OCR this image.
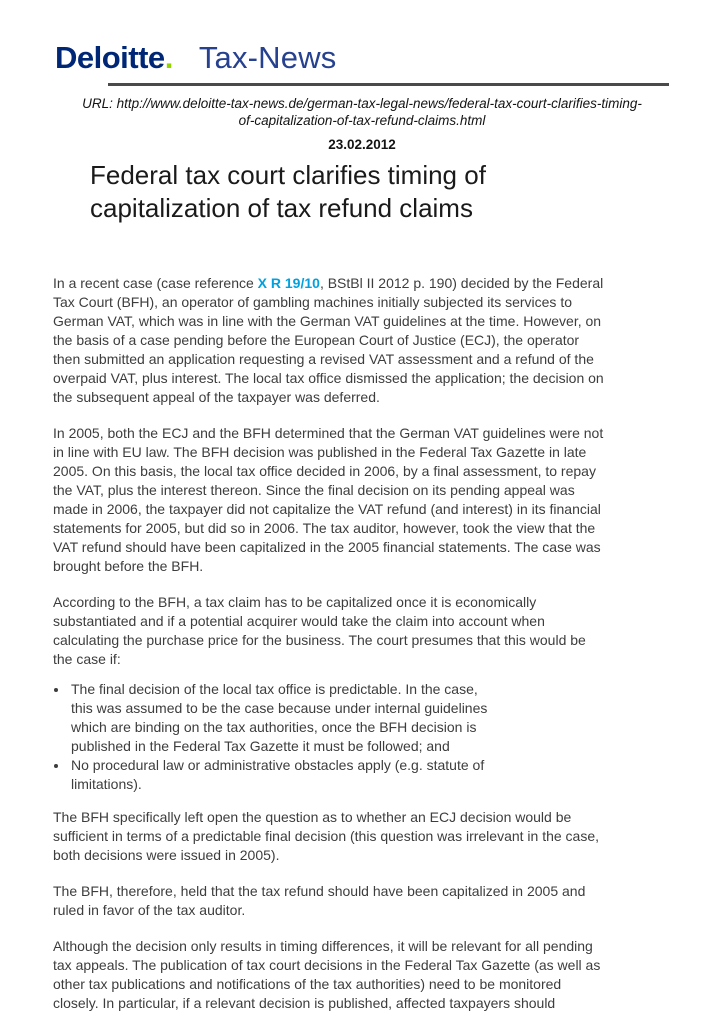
Deloitte. Tax-News
URL: http://www.deloitte-tax-news.de/german-tax-legal-news/federal-tax-court-clarifies-timing-of-capitalization-of-tax-refund-claims.html
23.02.2012
Federal tax court clarifies timing of capitalization of tax refund claims

In a recent case (case reference X R 19/10, BStBl II 2012 p. 190) decided by the Federal Tax Court (BFH), an operator of gambling machines initially subjected its services to German VAT, which was in line with the German VAT guidelines at the time. However, on the basis of a case pending before the European Court of Justice (ECJ), the operator then submitted an application requesting a revised VAT assessment and a refund of the overpaid VAT, plus interest. The local tax office dismissed the application; the decision on the subsequent appeal of the taxpayer was deferred.

In 2005, both the ECJ and the BFH determined that the German VAT guidelines were not in line with EU law. The BFH decision was published in the Federal Tax Gazette in late 2005. On this basis, the local tax office decided in 2006, by a final assessment, to repay the VAT, plus the interest thereon. Since the final decision on its pending appeal was made in 2006, the taxpayer did not capitalize the VAT refund (and interest) in its financial statements for 2005, but did so in 2006. The tax auditor, however, took the view that the VAT refund should have been capitalized in the 2005 financial statements. The case was brought before the BFH.

According to the BFH, a tax claim has to be capitalized once it is economically substantiated and if a potential acquirer would take the claim into account when calculating the purchase price for the business. The court presumes that this would be the case if:

• The final decision of the local tax office is predictable. In the case, this was assumed to be the case because under internal guidelines which are binding on the tax authorities, once the BFH decision is published in the Federal Tax Gazette it must be followed; and
• No procedural law or administrative obstacles apply (e.g. statute of limitations).

The BFH specifically left open the question as to whether an ECJ decision would be sufficient in terms of a predictable final decision (this question was irrelevant in the case, both decisions were issued in 2005).

The BFH, therefore, held that the tax refund should have been capitalized in 2005 and ruled in favor of the tax auditor.

Although the decision only results in timing differences, it will be relevant for all pending tax appeals. The publication of tax court decisions in the Federal Tax Gazette (as well as other tax publications and notifications of the tax authorities) need to be monitored closely. In particular, if a relevant decision is published, affected taxpayers should
